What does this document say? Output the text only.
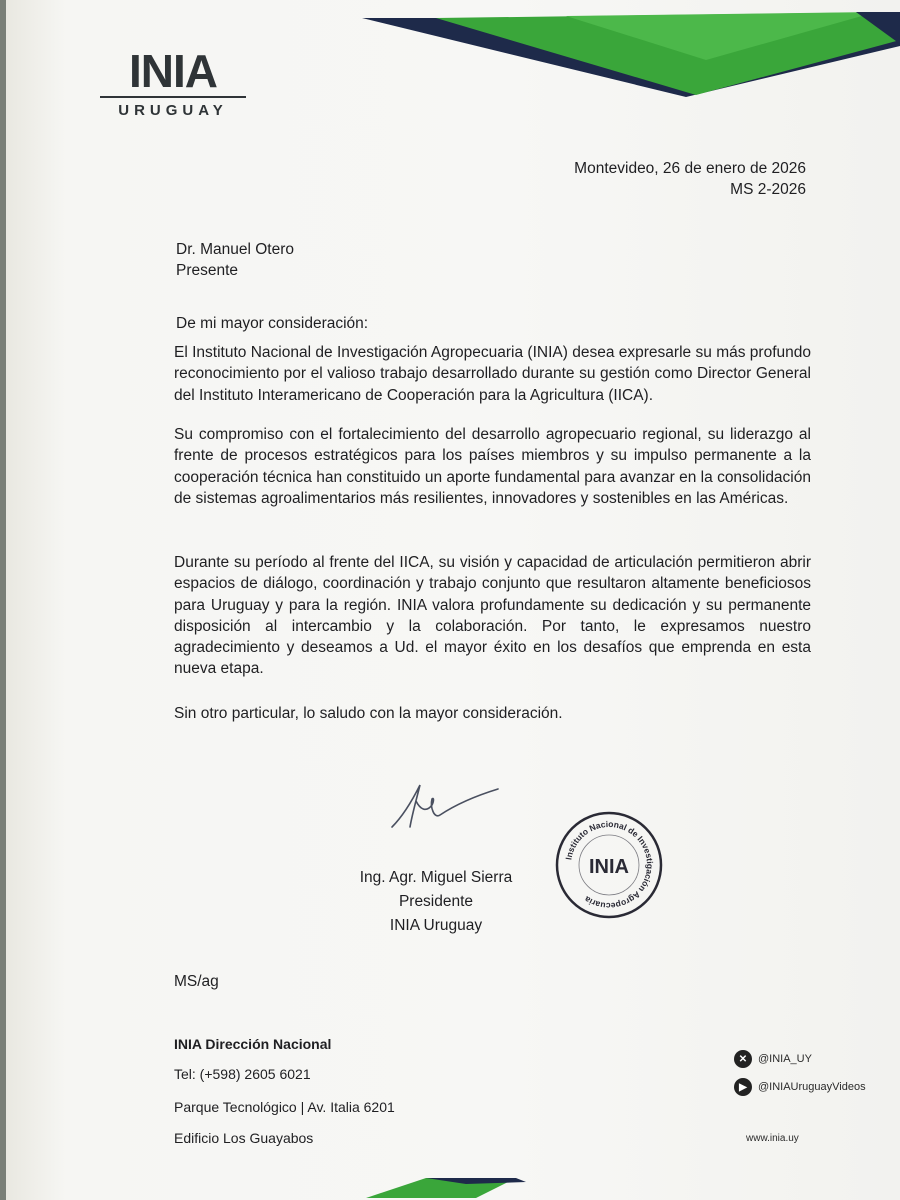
INIA
URUGUAY
Montevideo, 26 de enero de 2026
MS 2-2026
Dr. Manuel Otero
Presente
De mi mayor consideración:
El Instituto Nacional de Investigación Agropecuaria (INIA) desea expresarle su más profundo reconocimiento por el valioso trabajo desarrollado durante su gestión como Director General del Instituto Interamericano de Cooperación para la Agricultura (IICA).
Su compromiso con el fortalecimiento del desarrollo agropecuario regional, su liderazgo al frente de procesos estratégicos para los países miembros y su impulso permanente a la cooperación técnica han constituido un aporte fundamental para avanzar en la consolidación de sistemas agroalimentarios más resilientes, innovadores y sostenibles en las Américas.
Durante su período al frente del IICA, su visión y capacidad de articulación permitieron abrir espacios de diálogo, coordinación y trabajo conjunto que resultaron altamente beneficiosos para Uruguay y para la región. INIA valora profundamente su dedicación y su permanente disposición al intercambio y la colaboración. Por tanto, le expresamos nuestro agradecimiento y deseamos a Ud. el mayor éxito en los desafíos que emprenda en esta nueva etapa.
Sin otro particular, lo saludo con la mayor consideración.
Ing. Agr. Miguel Sierra
Presidente
INIA Uruguay
Instituto Nacional de Investigación Agropecuaria
INIA
MS/ag
INIA Dirección Nacional
Tel: (+598) 2605 6021
Parque Tecnológico | Av. Italia 6201
Edificio Los Guayabos
✕ @INIA_UY
▶	@INIAUruguayVideos
www.inia.uy
